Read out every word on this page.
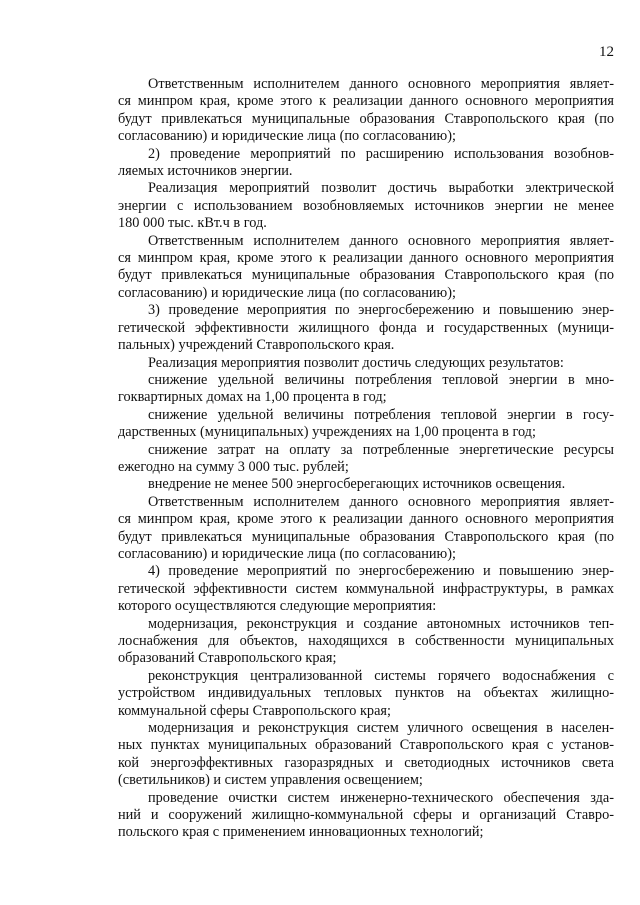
12
Ответственным исполнителем данного основного мероприятия являет-
ся минпром края, кроме этого к реализации данного основного мероприятия
будут привлекаться муниципальные образования Ставропольского края (по
согласованию) и юридические лица (по согласованию);
2) проведение мероприятий по расширению использования возобнов-
ляемых источников энергии.
Реализация мероприятий позволит достичь выработки электрической
энергии с использованием возобновляемых источников энергии не менее
180 000 тыс. кВт.ч в год.
Ответственным исполнителем данного основного мероприятия являет-
ся минпром края, кроме этого к реализации данного основного мероприятия
будут привлекаться муниципальные образования Ставропольского края (по
согласованию) и юридические лица (по согласованию);
3) проведение мероприятия по энергосбережению и повышению энер-
гетической эффективности жилищного фонда и государственных (муници-
пальных) учреждений Ставропольского края.
Реализация мероприятия позволит достичь следующих результатов:
снижение удельной величины потребления тепловой энергии в мно-
гоквартирных домах на 1,00 процента в год;
снижение удельной величины потребления тепловой энергии в госу-
дарственных (муниципальных) учреждениях на 1,00 процента в год;
снижение затрат на оплату за потребленные энергетические ресурсы
ежегодно на сумму 3 000 тыс. рублей;
внедрение не менее 500 энергосберегающих источников освещения.
Ответственным исполнителем данного основного мероприятия являет-
ся минпром края, кроме этого к реализации данного основного мероприятия
будут привлекаться муниципальные образования Ставропольского края (по
согласованию) и юридические лица (по согласованию);
4) проведение мероприятий по энергосбережению и повышению энер-
гетической эффективности систем коммунальной инфраструктуры, в рамках
которого осуществляются следующие мероприятия:
модернизация, реконструкция и создание автономных источников теп-
лоснабжения для объектов, находящихся в собственности муниципальных
образований Ставропольского края;
реконструкция централизованной системы горячего водоснабжения с
устройством индивидуальных тепловых пунктов на объектах жилищно-
коммунальной сферы Ставропольского края;
модернизация и реконструкция систем уличного освещения в населен-
ных пунктах муниципальных образований Ставропольского края с установ-
кой энергоэффективных газоразрядных и светодиодных источников света
(светильников) и систем управления освещением;
проведение очистки систем инженерно-технического обеспечения зда-
ний и сооружений жилищно-коммунальной сферы и организаций Ставро-
польского края с применением инновационных технологий;
